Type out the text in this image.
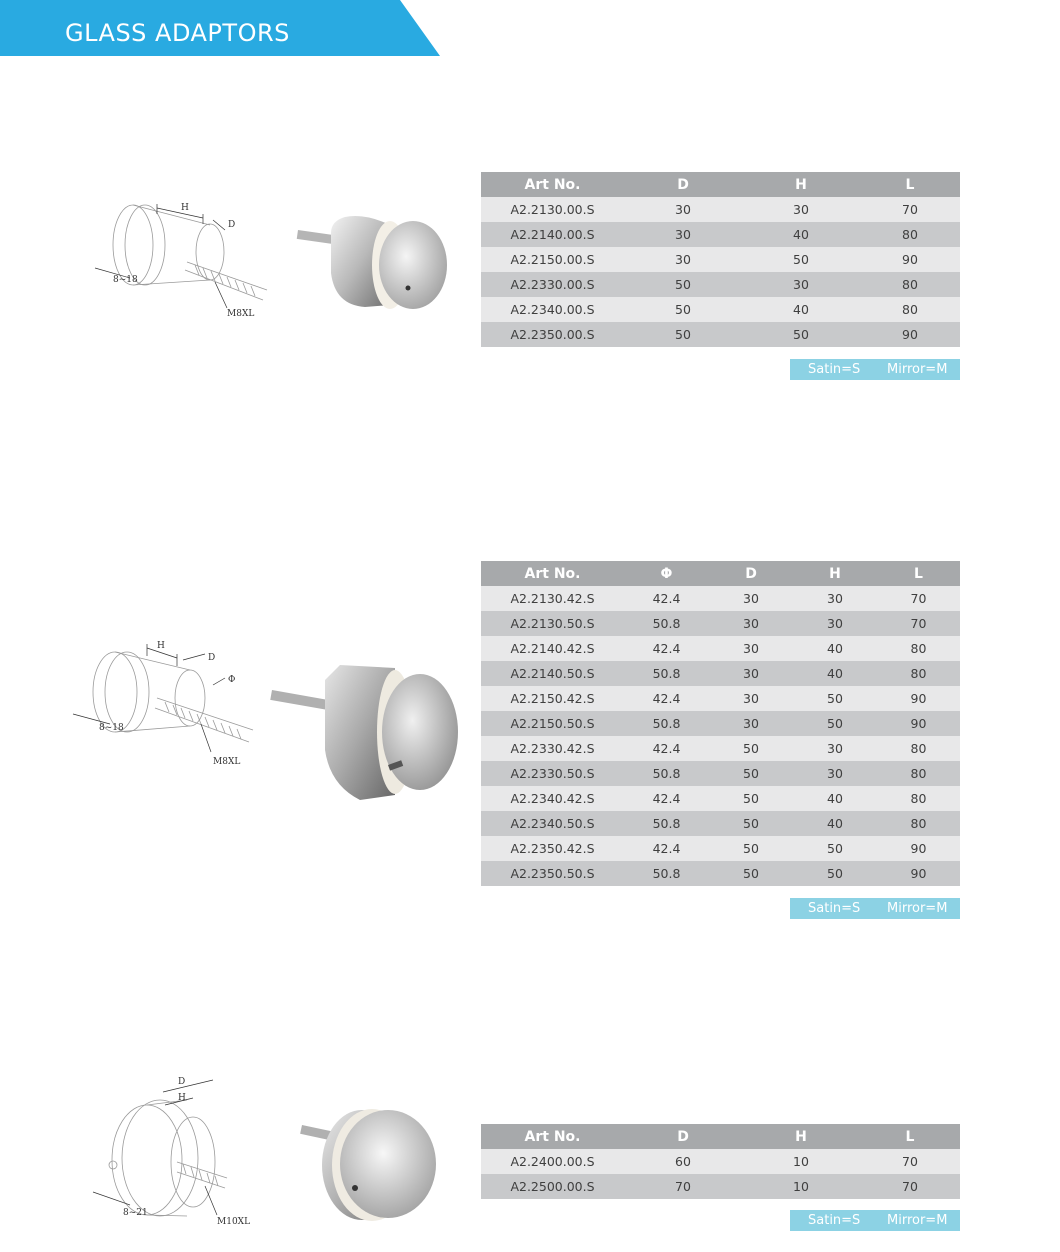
GLASS ADAPTORS
H
D
8~18
M8XL
Art No.	D	H	L
A2.2130.00.S	30	30	70
A2.2140.00.S	30	40	80
A2.2150.00.S	30	50	90
A2.2330.00.S	50	30	80
A2.2340.00.S	50	40	80
A2.2350.00.S	50	50	90
Satin=S Mirror=M
H
D
Φ
8~18
M8XL
Art No.	Φ	D	H	L
A2.2130.42.S	42.4	30	30	70
A2.2130.50.S	50.8	30	30	70
A2.2140.42.S	42.4	30	40	80
A2.2140.50.S	50.8	30	40	80
A2.2150.42.S	42.4	30	50	90
A2.2150.50.S	50.8	30	50	90
A2.2330.42.S	42.4	50	30	80
A2.2330.50.S	50.8	50	30	80
A2.2340.42.S	42.4	50	40	80
A2.2340.50.S	50.8	50	40	80
A2.2350.42.S	42.4	50	50	90
A2.2350.50.S	50.8	50	50	90
Satin=S Mirror=M
D
H
8~21
M10XL
Art No.	D	H	L
A2.2400.00.S	60	10	70
A2.2500.00.S	70	10	70
Satin=S Mirror=M
